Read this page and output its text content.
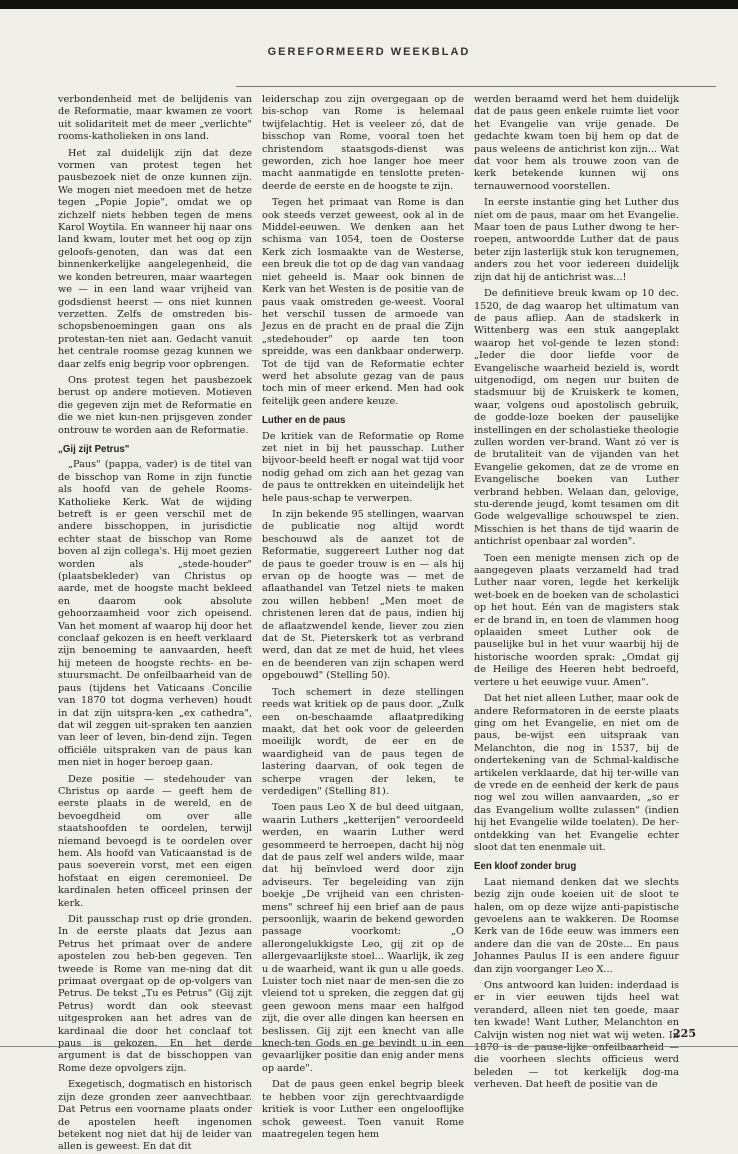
GEREFORMEERD WEEKBLAD

verbondenheid met de belijdenis van de Reformatie, maar kwamen ze voort uit solidariteit met de meer „verlichte" rooms-katholieken in ons land.

Het zal duidelijk zijn dat deze vormen van protest tegen het pausbezoek niet de onze kunnen zijn. We mogen niet meedoen met de hetze tegen „Popie Jopie", omdat we op zichzelf niets hebben tegen de mens Karol Woytila. En wanneer hij naar ons land kwam, louter met het oog op zijn geloofs-genoten, dan was dat een binnenkerkelijke aangelegenheid, die we konden betreuren, maar waartegen we — in een land waar vrijheid van godsdienst heerst — ons niet kunnen verzetten. Zelfs de omstreden bis-schopsbenoemingen gaan ons als protestan-ten niet aan. Gedacht vanuit het centrale roomse gezag kunnen we daar zelfs enig begrip voor opbrengen.

Ons protest tegen het pausbezoek berust op andere motieven. Motieven die gegeven zijn met de Reformatie en die we niet kun-nen prijsgeven zonder ontrouw te worden aan de Reformatie.

„Gij zijt Petrus"

„Paus" (pappa, vader) is de titel van de bisschop van Rome in zijn functie als hoofd van de gehele Rooms-Katholieke Kerk. Wat de wijding betreft is er geen verschil met de andere bisschoppen, in jurisdictie echter staat de bisschop van Rome boven al zijn collega's. Hij moet gezien worden als „stede-houder" (plaatsbekleder) van Christus op aarde, met de hoogste macht bekleed en daarom ook absolute gehoorzaamheid voor zich opeisend. Van het moment af waarop hij door het conclaaf gekozen is en heeft verklaard zijn benoeming te aanvaarden, heeft hij meteen de hoogste rechts- en be-stuursmacht. De onfeilbaarheid van de paus (tijdens het Vaticaans Concilie van 1870 tot dogma verheven) houdt in dat zijn uitspra-ken „ex cathedra", dat wil zeggen uit-spraken ten aanzien van leer of leven, bin-dend zijn. Tegen officiële uitspraken van de paus kan men niet in hoger beroep gaan.

Deze positie — stedehouder van Christus op aarde — geeft hem de eerste plaats in de wereld, en de bevoegdheid om over alle staatshoofden te oordelen, terwijl niemand bevoegd is te oordelen over hem. Als hoofd van Vaticaanstad is de paus soeverein vorst, met een eigen hofstaat en eigen ceremonieel. De kardinalen heten officeel prinsen der kerk.

Dit pausschap rust op drie gronden. In de eerste plaats dat Jezus aan Petrus het primaat over de andere apostelen zou heb-ben gegeven. Ten tweede is Rome van me-ning dat dit primaat overgaat op de op-volgers van Petrus. De tekst „Tu es Petrus" (Gij zijt Petrus) wordt dan ook steevast uitgesproken aan het adres van de kardinaal die door het conclaaf tot paus is gekozen. En het derde argument is dat de bisschoppen van Rome deze opvolgers zijn.

Exegetisch, dogmatisch en historisch zijn deze gronden zeer aanvechtbaar. Dat Petrus een voorname plaats onder de apostelen heeft ingenomen betekent nog niet dat hij de leider van allen is geweest. En dat dit

leiderschap zou zijn overgegaan op de bis-schop van Rome is helemaal twijfelachtig. Het is veeleer zó, dat de bisschop van Rome, vooral toen het christendom staatsgods-dienst was geworden, zich hoe langer hoe meer macht aanmatigde en tenslotte preten-deerde de eerste en de hoogste te zijn.

Tegen het primaat van Rome is dan ook steeds verzet geweest, ook al in de Middel-eeuwen. We denken aan het schisma van 1054, toen de Oosterse Kerk zich losmaakte van de Westerse, een breuk die tot op de dag van vandaag niet geheeld is. Maar ook binnen de Kerk van het Westen is de positie van de paus vaak omstreden ge-weest. Vooral het verschil tussen de armoede van Jezus en de pracht en de praal die Zijn „stedehouder" op aarde ten toon spreidde, was een dankbaar onderwerp. Tot de tijd van de Reformatie echter werd het absolute gezag van de paus toch min of meer erkend. Men had ook feitelijk geen andere keuze.

Luther en de paus

De kritiek van de Reformatie op Rome zet niet in bij het pausschap. Luther bijvoor-beeld heeft er nogal wat tijd voor nodig gehad om zich aan het gezag van de paus te onttrekken en uiteindelijk het hele paus-schap te verwerpen.

In zijn bekende 95 stellingen, waarvan de publicatie nog altijd wordt beschouwd als de aanzet tot de Reformatie, suggereert Luther nog dat de paus te goeder trouw is en — als hij ervan op de hoogte was — met de aflaathandel van Tetzel niets te maken zou willen hebben! „Men moet de christenen leren dat de paus, indien hij de aflaatzwendel kende, liever zou zien dat de St. Pieterskerk tot as verbrand werd, dan dat ze met de huid, het vlees en de beenderen van zijn schapen werd opgebouwd" (Stelling 50).

Toch schemert in deze stellingen reeds wat kritiek op de paus door. „Zulk een on-beschaamde aflaatprediking maakt, dat het ook voor de geleerden moeilijk wordt, de eer en de waardigheid van de paus tegen de lastering daarvan, of ook tegen de scherpe vragen der leken, te verdedigen" (Stelling 81).

Toen paus Leo X de bul deed uitgaan, waarin Luthers „ketterijen" veroordeeld werden, en waarin Luther werd gesommeerd te herroepen, dacht hij nòg dat de paus zelf wel anders wilde, maar dat hij beïnvloed werd door zijn adviseurs. Ter begeleiding van zijn boekje „De vrijheid van een christen-mens" schreef hij een brief aan de paus persoonlijk, waarin de bekend geworden passage voorkomt: „O allerongelukkigste Leo, gij zit op de allergevaarlijkste stoel... Waarlijk, ik zeg u de waarheid, want ik gun u alle goeds. Luister toch niet naar de men-sen die zo vleiend tot u spreken, die zeggen dat gij geen gewoon mens maar een halfgod zijt, die over alle dingen kan heersen en beslissen. Gij zijt een knecht van alle knech-ten Gods en ge bevindt u in een gevaarlijker positie dan enig ander mens op aarde".

Dat de paus geen enkel begrip bleek te hebben voor zijn gerechtvaardigde kritiek is voor Luther een ongelooflijke schok geweest. Toen vanuit Rome maatregelen tegen hem

werden beraamd werd het hem duidelijk dat de paus geen enkele ruimte liet voor het Evangelie van vrije genade. De gedachte kwam toen bij hem op dat de paus weleens de antichrist kon zijn... Wat dat voor hem als trouwe zoon van de kerk betekende kunnen wij ons ternauwernood voorstellen.

In eerste instantie ging het Luther dus niet om de paus, maar om het Evangelie. Maar toen de paus Luther dwong te her-roepen, antwoordde Luther dat de paus beter zijn lasterlijk stuk kon terugnemen, anders zou het voor iedereen duidelijk zijn dat hij de antichrist was...!

De definitieve breuk kwam op 10 dec. 1520, de dag waarop het ultimatum van de paus afliep. Aan de stadskerk in Wittenberg was een stuk aangeplakt waarop het vol-gende te lezen stond: „Ieder die door liefde voor de Evangelische waarheid bezield is, wordt uitgenodigd, om negen uur buiten de stadsmuur bij de Kruiskerk te komen, waar, volgens oud apostolisch gebruik, de godde-loze boeken der pauselijke instellingen en der scholastieke theologie zullen worden ver-brand. Want zó ver is de brutaliteit van de vijanden van het Evangelie gekomen, dat ze de vrome en Evangelische boeken van Luther verbrand hebben. Welaan dan, gelovige, stu-derende jeugd, komt tesamen om dit Gode welgevallige schouwspel te zien. Misschien is het thans de tijd waarin de antichrist openbaar zal worden".

Toen een menigte mensen zich op de aangegeven plaats verzameld had trad Luther naar voren, legde het kerkelijk wet-boek en de boeken van de scholastici op het hout. Eén van de magisters stak er de brand in, en toen de vlammen hoog oplaaiden smeet Luther ook de pauselijke bul in het vuur waarbij hij de historische woorden sprak: „Omdat gij de Heilige des Heeren hebt bedroefd, vertere u het eeuwige vuur. Amen".

Dat het niet alleen Luther, maar ook de andere Reformatoren in de eerste plaats ging om het Evangelie, en niet om de paus, be-wijst een uitspraak van Melanchton, die nog in 1537, bij de ondertekening van de Schmal-kaldische artikelen verklaarde, dat hij ter-wille van de vrede en de eenheid der kerk de paus nog wel zou willen aanvaarden, „so er das Evangelium wollte zulassen" (indien hij het Evangelie wilde toelaten). De her-ontdekking van het Evangelie echter sloot dat ten enenmale uit.

Een kloof zonder brug

Laat niemand denken dat we slechts bezig zijn oude koeien uit de sloot te halen, om op deze wijze anti-papistische gevoelens aan te wakkeren. De Roomse Kerk van de 16de eeuw was immers een andere dan die van de 20ste... En paus Johannes Paulus II is een andere figuur dan zijn voorganger Leo X...

Ons antwoord kan luiden: inderdaad is er in vier eeuwen tijds heel wat veranderd, alleen niet ten goede, maar ten kwade! Want Luther, Melanchton en Calvijn wisten nog niet wat wij weten. In 1870 is de pause-lijke onfeilbaarheid — die voorheen slechts officieus werd beleden — tot kerkelijk dog-ma verheven. Dat heeft de positie van de

225
